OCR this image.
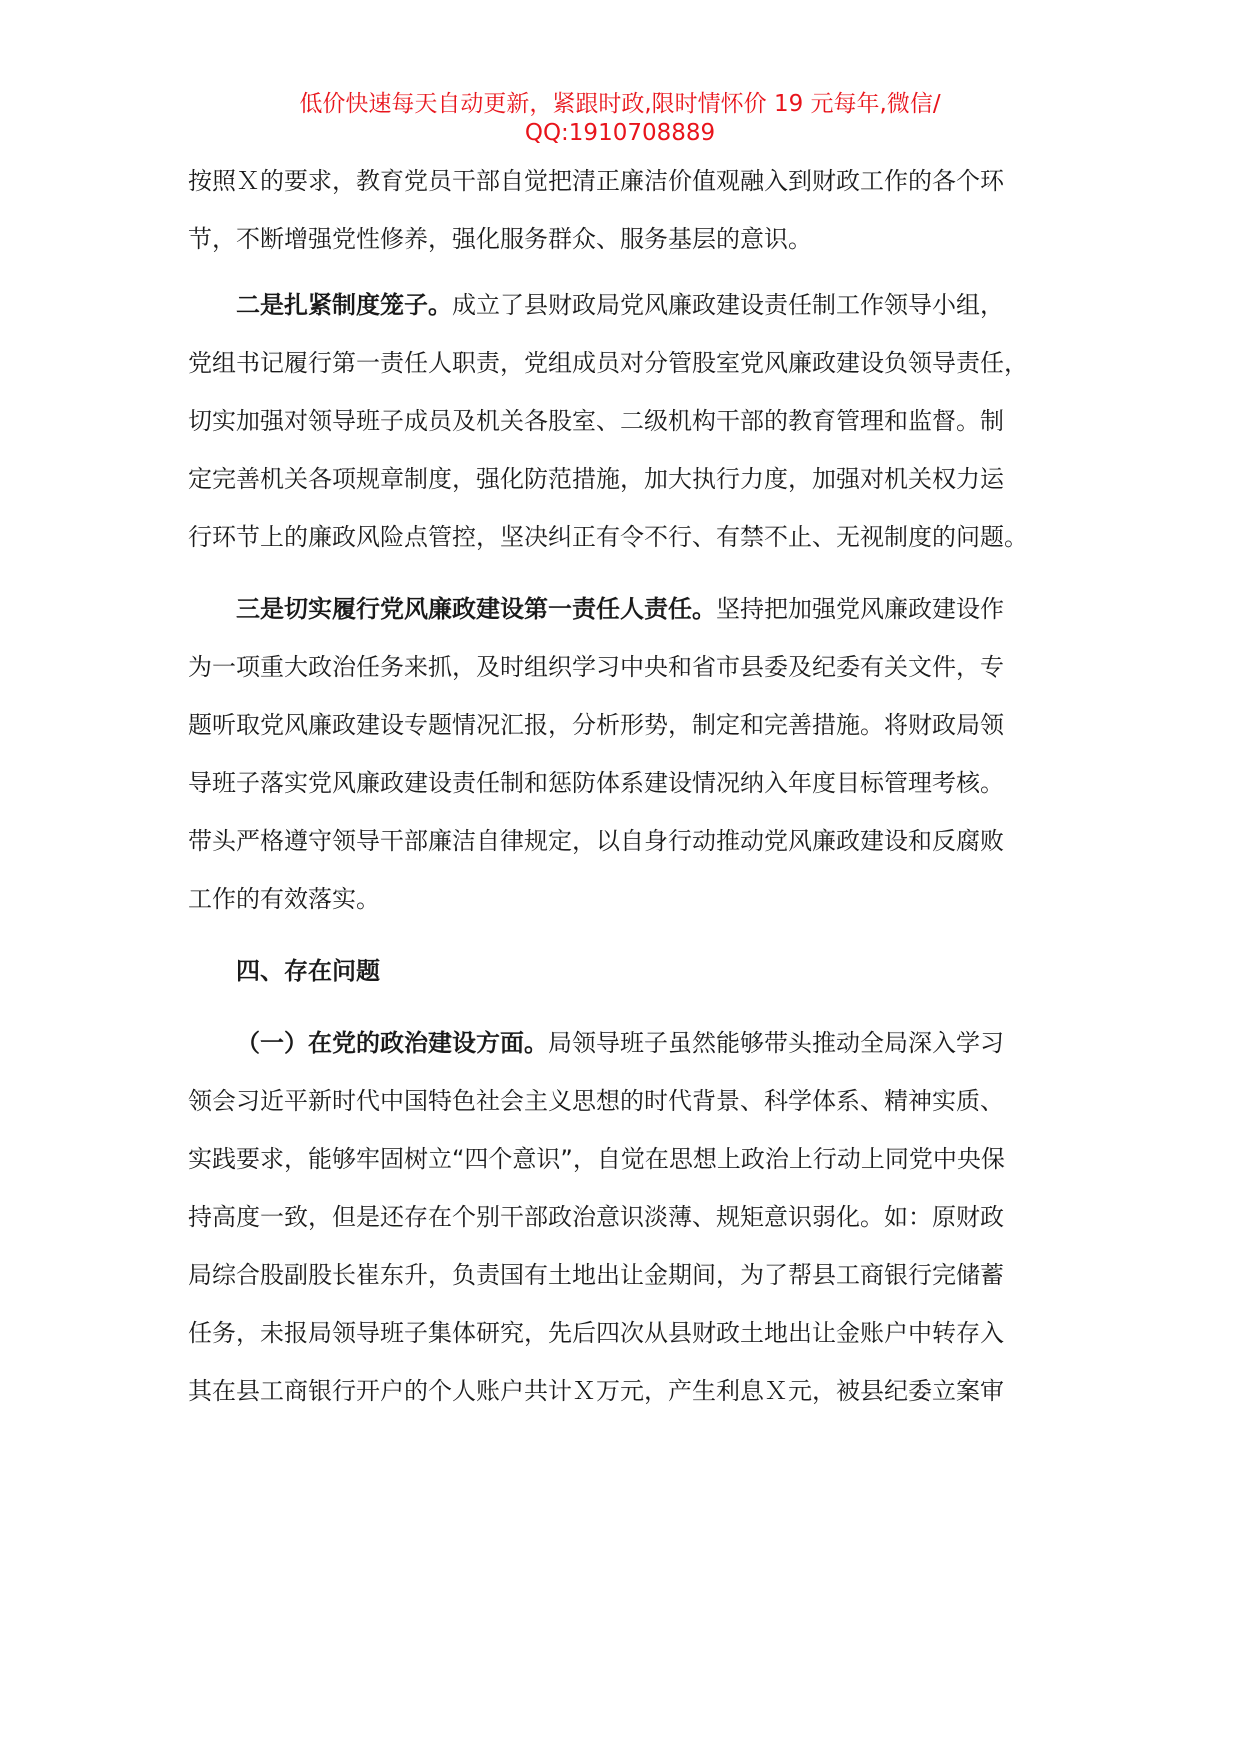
低价快速每天自动更新，紧跟时政,限时情怀价 19 元每年,微信/
QQ:1910708889
按照Ｘ的要求，教育党员干部自觉把清正廉洁价值观融入到财政工作的各个环
节，不断增强党性修养，强化服务群众、服务基层的意识。
二是扎紧制度笼子。成立了县财政局党风廉政建设责任制工作领导小组，
党组书记履行第一责任人职责，党组成员对分管股室党风廉政建设负领导责任，
切实加强对领导班子成员及机关各股室、二级机构干部的教育管理和监督。制
定完善机关各项规章制度，强化防范措施，加大执行力度，加强对机关权力运
行环节上的廉政风险点管控，坚决纠正有令不行、有禁不止、无视制度的问题。
三是切实履行党风廉政建设第一责任人责任。坚持把加强党风廉政建设作
为一项重大政治任务来抓，及时组织学习中央和省市县委及纪委有关文件，专
题听取党风廉政建设专题情况汇报，分析形势，制定和完善措施。将财政局领
导班子落实党风廉政建设责任制和惩防体系建设情况纳入年度目标管理考核。
带头严格遵守领导干部廉洁自律规定，以自身行动推动党风廉政建设和反腐败
工作的有效落实。
四、存在问题
（一）在党的政治建设方面。局领导班子虽然能够带头推动全局深入学习
领会习近平新时代中国特色社会主义思想的时代背景、科学体系、精神实质、
实践要求，能够牢固树立“四个意识”，自觉在思想上政治上行动上同党中央保
持高度一致，但是还存在个别干部政治意识淡薄、规矩意识弱化。如：原财政
局综合股副股长崔东升，负责国有土地出让金期间，为了帮县工商银行完储蓄
任务，未报局领导班子集体研究，先后四次从县财政土地出让金账户中转存入
其在县工商银行开户的个人账户共计Ｘ万元，产生利息Ｘ元，被县纪委立案审
